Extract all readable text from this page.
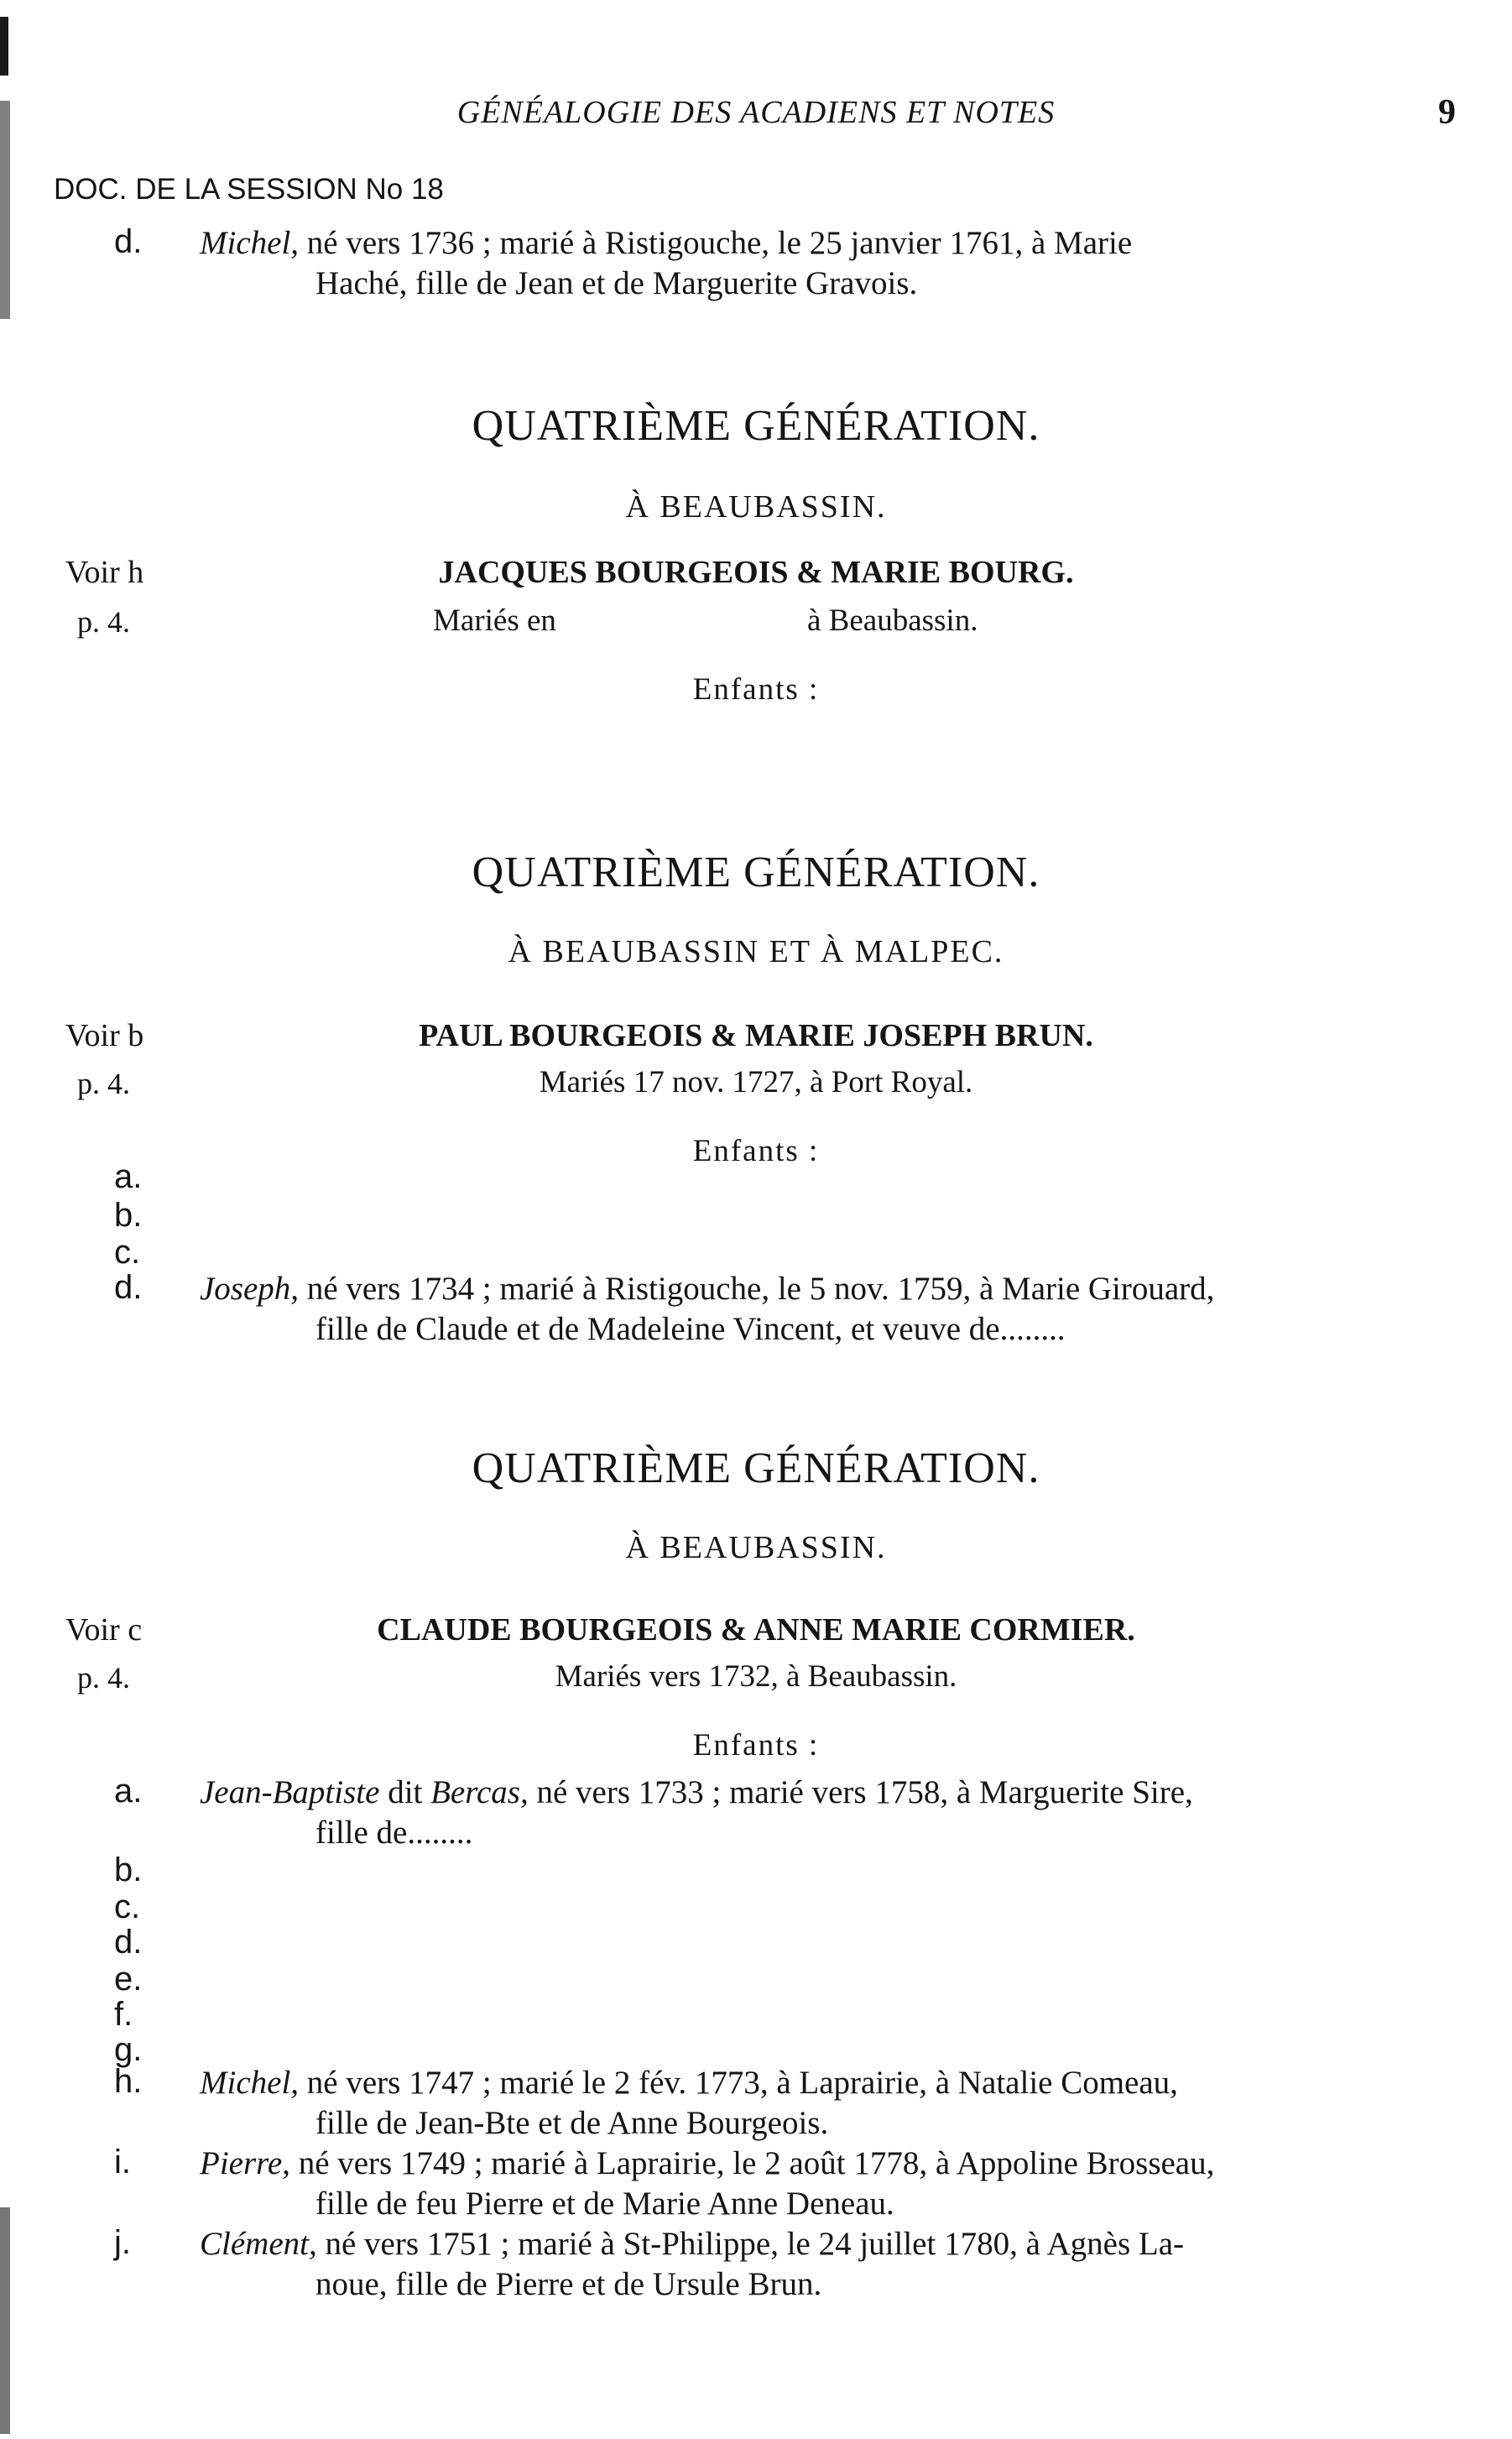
GÉNÉALOGIE DES ACADIENS ET NOTES	9
DOC. DE LA SESSION No 18
d. Michel, né vers 1736 ; marié à Ristigouche, le 25 janvier 1761, à Marie
Haché, fille de Jean et de Marguerite Gravois.
QUATRIÈME GÉNÉRATION.
À BEAUBASSIN.
Voir h
p. 4.
JACQUES BOURGEOIS & MARIE BOURG.
Mariés en	à Beaubassin.
Enfants :
QUATRIÈME GÉNÉRATION.
À BEAUBASSIN ET À MALPEC.
Voir b
p. 4.
PAUL BOURGEOIS & MARIE JOSEPH BRUN.
Mariés 17 nov. 1727, à Port Royal.
Enfants :
a.
b.
c.
d. Joseph, né vers 1734 ; marié à Ristigouche, le 5 nov. 1759, à Marie Girouard,
fille de Claude et de Madeleine Vincent, et veuve de........
QUATRIÈME GÉNÉRATION.
À BEAUBASSIN.
Voir c
p. 4.
CLAUDE BOURGEOIS & ANNE MARIE CORMIER.
Mariés vers 1732, à Beaubassin.
Enfants :
a. Jean-Baptiste dit Bercas, né vers 1733 ; marié vers 1758, à Marguerite Sire,
fille de........
b.
c.
d.
e.
f.
g.
h. Michel, né vers 1747 ; marié le 2 fév. 1773, à Laprairie, à Natalie Comeau,
fille de Jean-Bte et de Anne Bourgeois.
i. Pierre, né vers 1749 ; marié à Laprairie, le 2 août 1778, à Appoline Brosseau,
fille de feu Pierre et de Marie Anne Deneau.
j. Clément, né vers 1751 ; marié à St-Philippe, le 24 juillet 1780, à Agnès La-
noue, fille de Pierre et de Ursule Brun.
